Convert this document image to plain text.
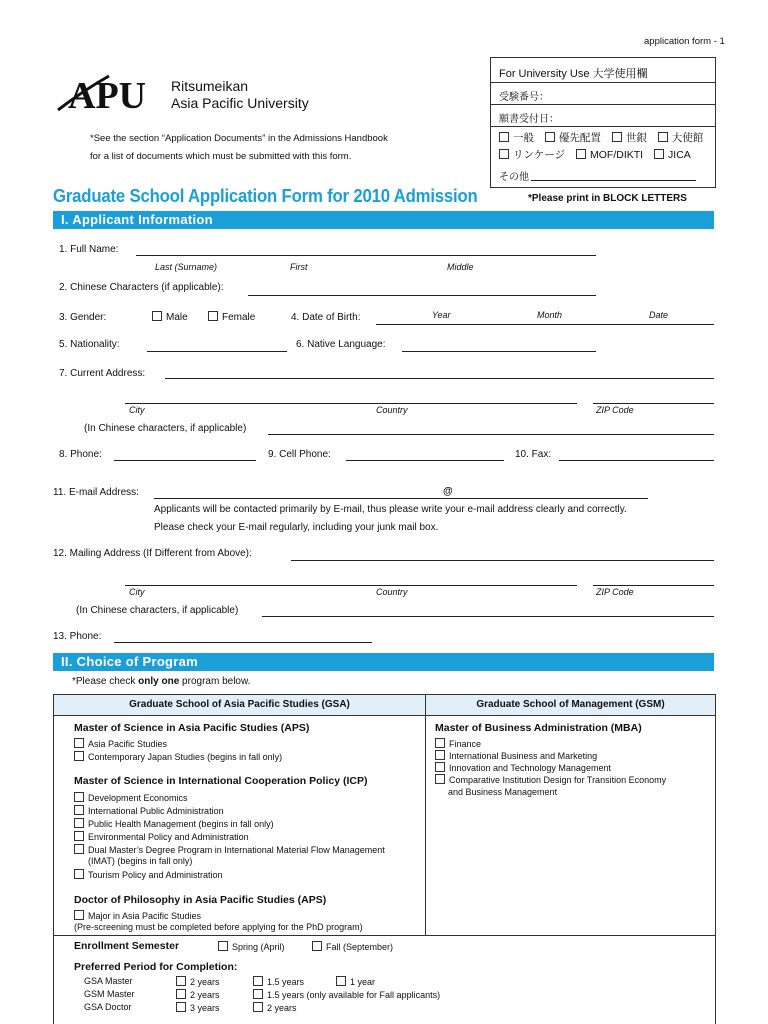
application form - 1
APU Ritsumeikan
Asia Pacific University
*See the section “Application Documents” in the Admissions Handbook
for a list of documents which must be submitted with this form.
For University Use 大学使用欄
受験番号：
願書受付日：
一般 優先配置 世銀 大使館
リンケージ MOF/DIKTI JICA
その他
Graduate School Application Form for 2010 Admission	*Please print in BLOCK LETTERS
I. Applicant Information
1. Full Name:
Last (Surname)	First	Middle
2. Chinese Characters (if applicable):
3. Gender:	Male	Female	4. Date of Birth:	Year	Month	Date
5. Nationality:	6. Native Language:
7. Current Address:
City	Country	ZIP Code
(In Chinese characters, if applicable)
8. Phone:	9. Cell Phone:	10. Fax:
11. E-mail Address:	@
Applicants will be contacted primarily by E-mail, thus please write your e-mail address clearly and correctly.
Please check your E-mail regularly, including your junk mail box.
12. Mailing Address (If Different from Above):
City	Country	ZIP Code
(In Chinese characters, if applicable)
13. Phone:
II. Choice of Program
*Please check only one program below.
Graduate School of Asia Pacific Studies (GSA)	Graduate School of Management (GSM)
Master of Science in Asia Pacific Studies (APS)
Asia Pacific Studies
Contemporary Japan Studies (begins in fall only)
Master of Science in International Cooperation Policy (ICP)
Development Economics
International Public Administration
Public Health Management (begins in fall only)
Environmental Policy and Administration
Dual Master’s Degree Program in International Material Flow Management
(IMAT) (begins in fall only)
Tourism Policy and Administration
Doctor of Philosophy in Asia Pacific Studies (APS)
Major in Asia Pacific Studies
(Pre-screening must be completed before applying for the PhD program)
Master of Business Administration (MBA)
Finance
International Business and Marketing
Innovation and Technology Management
Comparative Institution Design for Transition Economy
and Business Management
Enrollment Semester	Spring (April)	Fall (September)
Preferred Period for Completion:
GSA Master	2 years	1.5 years	1 year
GSM Master	2 years	1.5 years (only available for Fall applicants)
GSA Doctor	3 years	2 years
